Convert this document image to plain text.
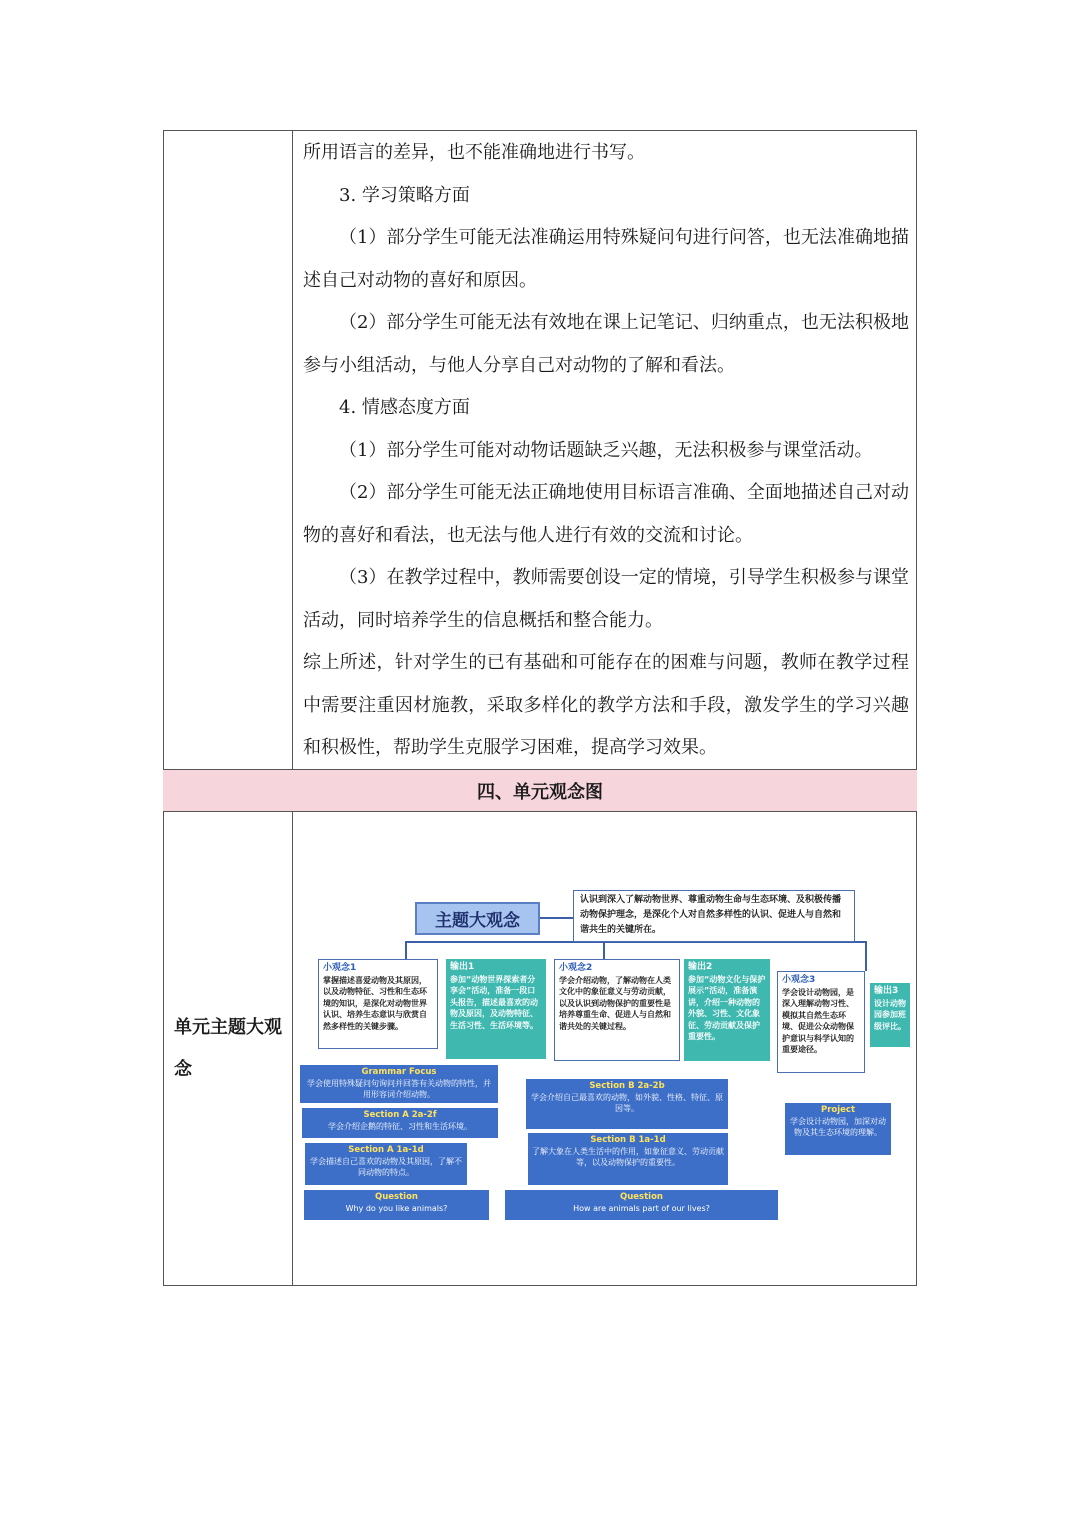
所用语言的差异，也不能准确地进行书写。

3. 学习策略方面

（1）部分学生可能无法准确运用特殊疑问句进行问答，也无法准确地描述自己对动物的喜好和原因。

（2）部分学生可能无法有效地在课上记笔记、归纳重点，也无法积极地参与小组活动，与他人分享自己对动物的了解和看法。

4. 情感态度方面

（1）部分学生可能对动物话题缺乏兴趣，无法积极参与课堂活动。

（2）部分学生可能无法正确地使用目标语言准确、全面地描述自己对动物的喜好和看法，也无法与他人进行有效的交流和讨论。

（3）在教学过程中，教师需要创设一定的情境，引导学生积极参与课堂活动，同时培养学生的信息概括和整合能力。

综上所述，针对学生的已有基础和可能存在的困难与问题，教师在教学过程中需要注重因材施教，采取多样化的教学方法和手段，激发学生的学习兴趣和积极性，帮助学生克服学习困难，提高学习效果。

四、单元观念图
单元主题大观念
主题大观念
认识到深入了解动物世界、尊重动物生命与生态环境、及积极传播动物保护理念，是深化个人对自然多样性的认识、促进人与自然和谐共生的关键所在。
小观念1
掌握描述喜爱动物及其原因，以及动物特征、习性和生态环境的知识，是深化对动物世界认识、培养生态意识与欣赏自然多样性的关键步骤。
输出1
参加“动物世界探索者分享会”活动，准备一段口头报告，描述最喜欢的动物及原因，及动物特征、生活习性、生活环境等。
小观念2
学会介绍动物，了解动物在人类文化中的象征意义与劳动贡献，以及认识到动物保护的重要性是培养尊重生命、促进人与自然和谐共处的关键过程。
输出2
参加“动物文化与保护展示”活动，准备演讲，介绍一种动物的外貌、习性、文化象征、劳动贡献及保护重要性。
小观念3
学会设计动物园，是深入理解动物习性、模拟其自然生态环境、促进公众动物保护意识与科学认知的重要途径。
输出3
设计动物园参加班级评比。
Grammar Focus
学会使用特殊疑问句询问并回答有关动物的特性，并用形容词介绍动物。
Section A 2a-2f
学会介绍企鹅的特征、习性和生活环境。
Section A 1a-1d
学会描述自己喜欢的动物及其原因，了解不同动物的特点。
Question
Why do you like animals?
Section B 2a-2b
学会介绍自己最喜欢的动物，如外貌、性格、特征、原因等。
Section B 1a-1d
了解大象在人类生活中的作用，如象征意义、劳动贡献等，以及动物保护的重要性。
Question
How are animals part of our lives?
Project
学会设计动物园，加深对动物及其生态环境的理解。
